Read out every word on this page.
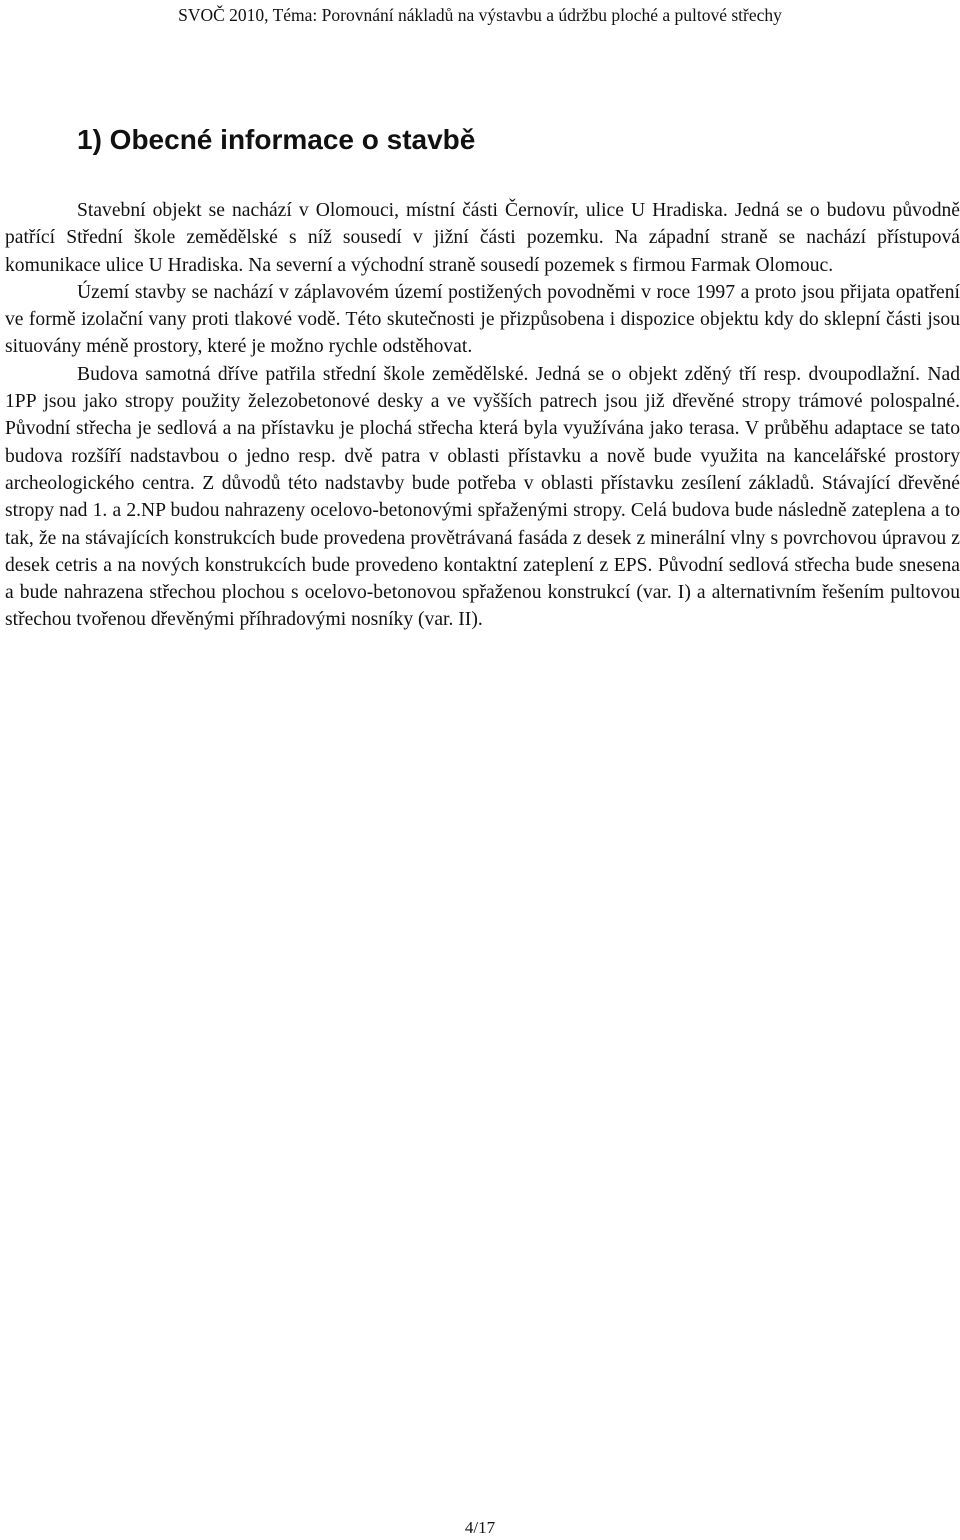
SVOČ 2010, Téma: Porovnání nákladů na výstavbu a údržbu ploché a pultové střechy
1) Obecné informace o stavbě

Stavební objekt se nachází v Olomouci, místní části Černovír, ulice U Hradiska. Jedná se o budovu původně patřící Střední škole zemědělské s níž sousedí v jižní části pozemku. Na západní straně se nachází přístupová komunikace ulice U Hradiska. Na severní a východní straně sousedí pozemek s firmou Farmak Olomouc.

Území stavby se nachází v záplavovém území postižených povodněmi v roce 1997 a proto jsou přijata opatření ve formě izolační vany proti tlakové vodě. Této skutečnosti je přizpůsobena i dispozice objektu kdy do sklepní části jsou situovány méně prostory, které je možno rychle odstěhovat.

Budova samotná dříve patřila střední škole zemědělské. Jedná se o objekt zděný tří resp. dvoupodlažní. Nad 1PP jsou jako stropy použity železobetonové desky a ve vyšších patrech jsou již dřevěné stropy trámové polospalné. Původní střecha je sedlová a na přístavku je plochá střecha která byla využívána jako terasa. V průběhu adaptace se tato budova rozšíří nadstavbou o jedno resp. dvě patra v oblasti přístavku a nově bude využita na kancelářské prostory archeologického centra. Z důvodů této nadstavby bude potřeba v oblasti přístavku zesílení základů. Stávající dřevěné stropy nad 1. a 2.NP budou nahrazeny ocelovo-betonovými spřaženými stropy. Celá budova bude následně zateplena a to tak, že na stávajících konstrukcích bude provedena provětrávaná fasáda z desek z minerální vlny s povrchovou úpravou z desek cetris a na nových konstrukcích bude provedeno kontaktní zateplení z EPS. Původní sedlová střecha bude snesena a bude nahrazena střechou plochou s ocelovo-betonovou spřaženou konstrukcí (var. I) a alternativním řešením pultovou střechou tvořenou dřevěnými příhradovými nosníky (var. II).

4/17
